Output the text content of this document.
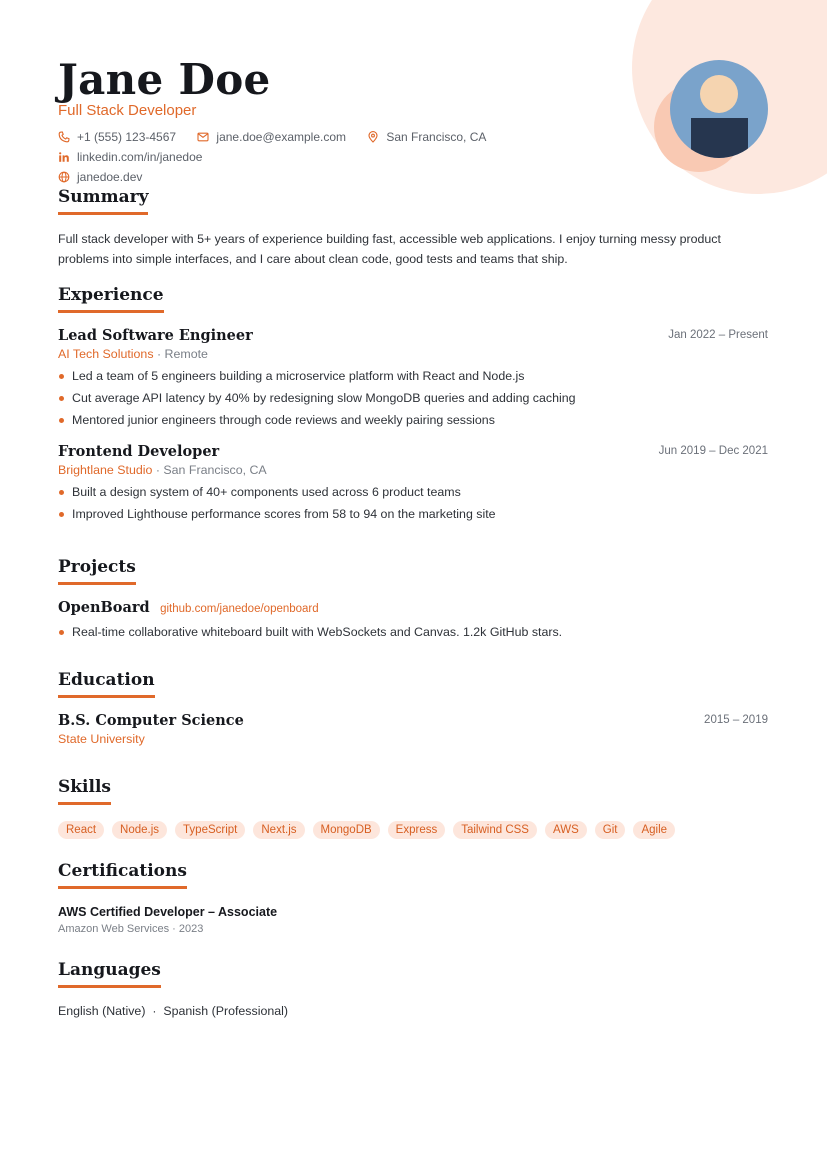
Jane Doe
Full Stack Developer
+1 (555) 123-4567
	jane.doe@example.com
	San Francisco, CA

linkedin.com/in/janedoe

janedoe.dev
Summary
Full stack developer with 5+ years of experience building fast, accessible web applications. I enjoy turning messy product problems into simple interfaces, and I care about clean code, good tests and teams that ship.
Experience
Lead Software Engineer	Jan 2022 – Present
AI Tech Solutions · Remote
Led a team of 5 engineers building a microservice platform with React and Node.js
Cut average API latency by 40% by redesigning slow MongoDB queries and adding caching
Mentored junior engineers through code reviews and weekly pairing sessions
Frontend Developer	Jun 2019 – Dec 2021
Brightlane Studio · San Francisco, CA
Built a design system of 40+ components used across 6 product teams
Improved Lighthouse performance scores from 58 to 94 on the marketing site
Projects
OpenBoard github.com/janedoe/openboard
Real-time collaborative whiteboard built with WebSockets and Canvas. 1.2k GitHub stars.
Education
B.S. Computer Science	2015 – 2019
State University
Skills
React	Node.js	TypeScript	Next.js	MongoDB	Express	Tailwind CSS	AWS	Git	Agile
Certifications
AWS Certified Developer – Associate
Amazon Web Services · 2023
Languages
English (Native)  ·  Spanish (Professional)
